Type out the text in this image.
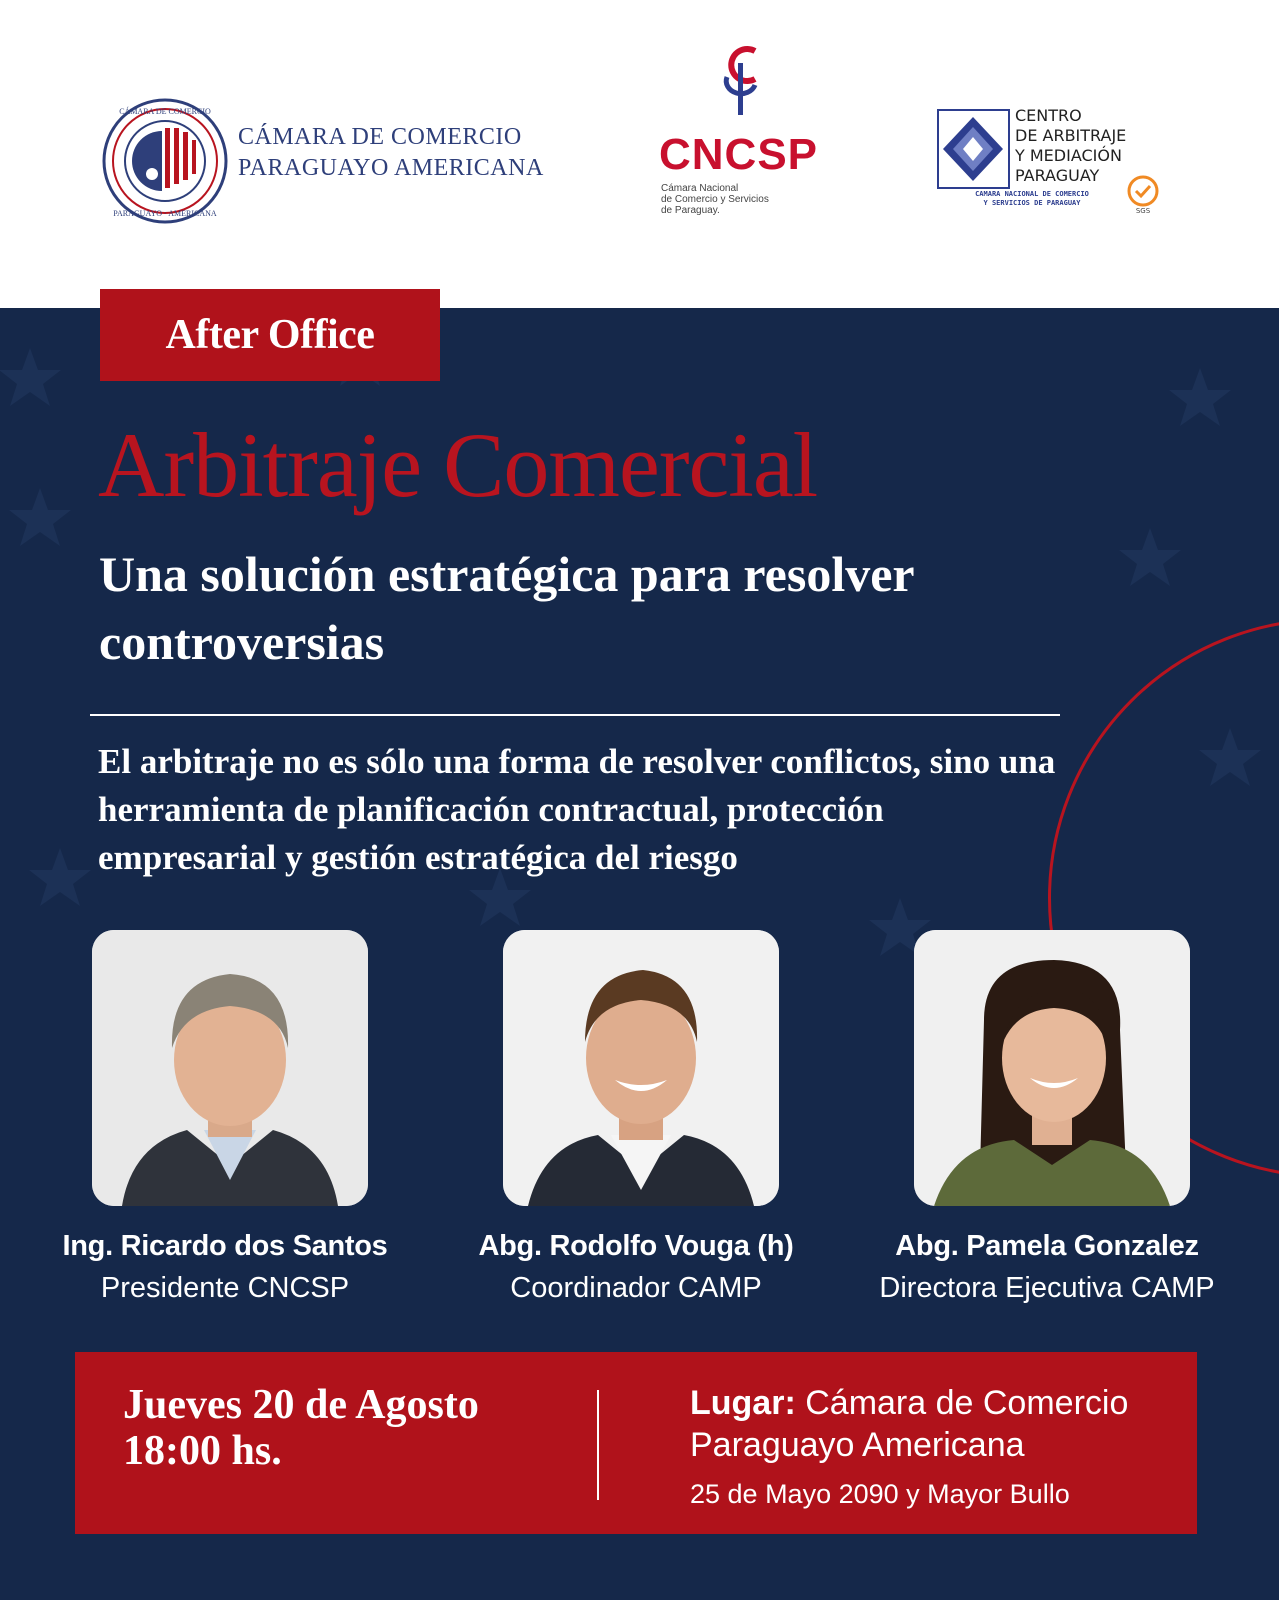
CÁMARA DE COMERCIO
PARAGUAYO · AMERICANA
CÁMARA DE COMERCIO
PARAGUAYO AMERICANA	CNCSP
Cámara Nacional
de Comercio y Servicios
de Paraguay.
CENTRO
DE ARBITRAJE
Y MEDIACIÓN
PARAGUAY
CAMARA NACIONAL DE COMERCIO
Y SERVICIOS DE PARAGUAY
SGS
After Office
Arbitraje Comercial
Una solución estratégica para resolver controversias
El arbitraje no es sólo una forma de resolver conflictos, sino una herramienta de planificación contractual, protección empresarial y gestión estratégica del riesgo
Ing. Ricardo dos Santos
Presidente CNCSP
Abg. Rodolfo Vouga (h)
Coordinador CAMP
Abg. Pamela Gonzalez
Directora Ejecutiva CAMP
Jueves 20 de Agosto
18:00 hs.
Lugar: Cámara de Comercio
Paraguayo Americana
25 de Mayo 2090 y Mayor Bullo
